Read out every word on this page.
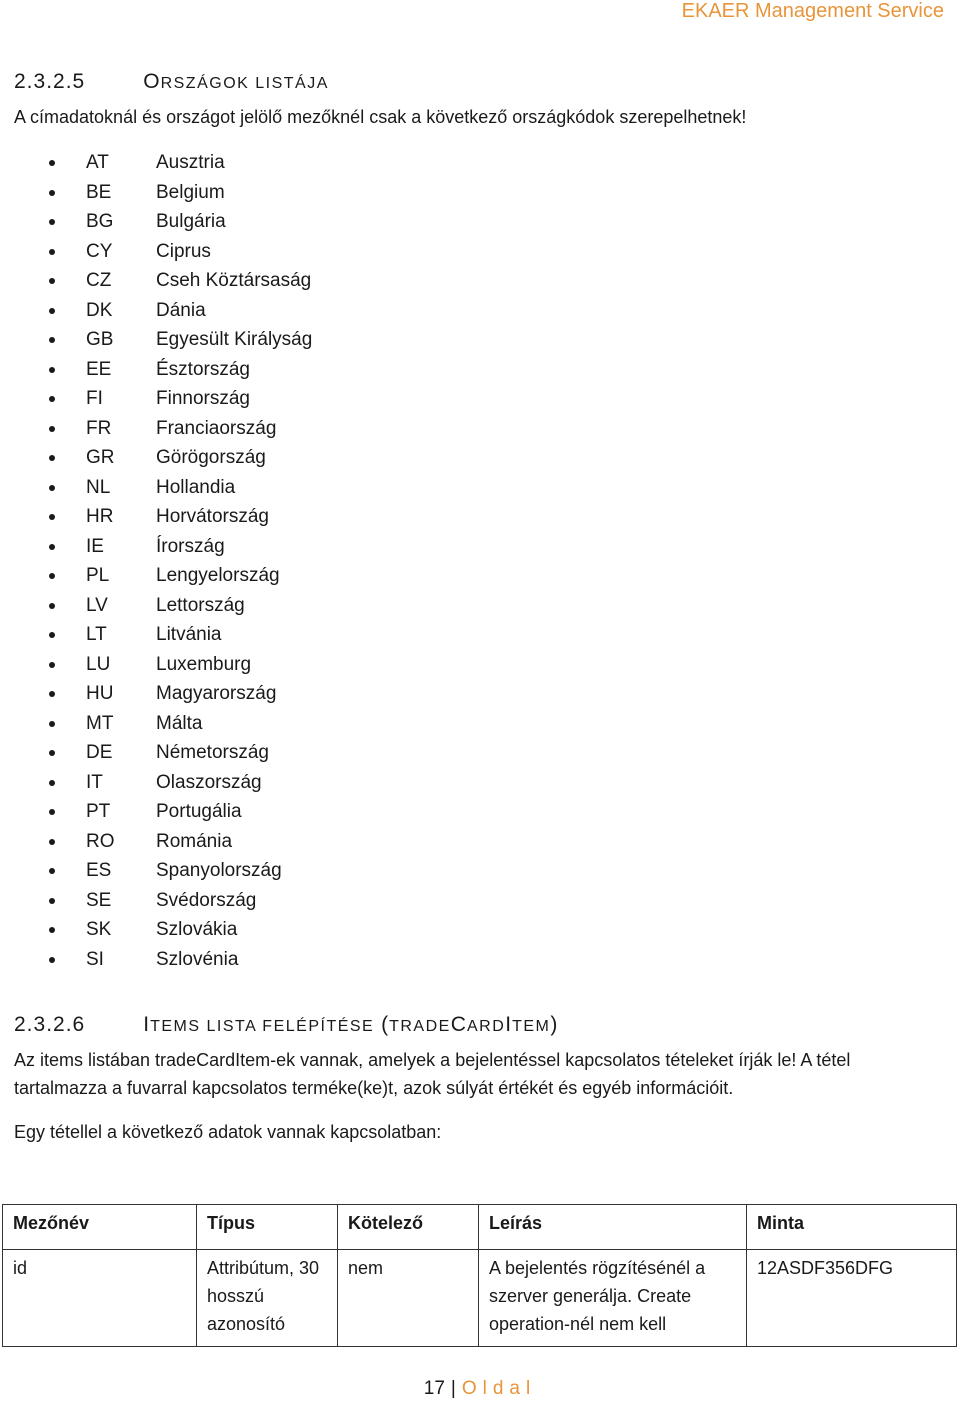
EKAER Management Service
2.3.2.5	ORSZÁGOK LISTÁJA
A címadatoknál és országot jelölő mezőknél csak a következő országkódok szerepelhetnek!
AT Ausztria
BE Belgium
BG Bulgária
CY Ciprus
CZ Cseh Köztársaság
DK Dánia
GB Egyesült Királyság
EE Észtország
FI	Finnország
FR Franciaország
GR Görögország
NL Hollandia
HR Horvátország
IE	Írország
PL Lengyelország
LV	Lettország
LT	Litvánia
LU Luxemburg
HU Magyarország
MT Málta
DE Németország
IT	Olaszország
PT Portugália
RO Románia
ES Spanyolország
SE Svédország
SK Szlovákia
SI	Szlovénia
2.3.2.6	ITEMS LISTA FELÉPÍTÉSE (TRADECARDITEM)
Az items listában tradeCardItem-ek vannak, amelyek a bejelentéssel kapcsolatos tételeket írják le! A tétel tartalmazza a fuvarral kapcsolatos terméke(ke)t, azok súlyát értékét és egyéb információit.
Egy tétellel a következő adatok vannak kapcsolatban:
Mezőnév	Típus	Kötelező	Leírás	Minta
id	Attribútum, 30 hosszú azonosító	nem	A bejelentés rögzítésénél a szerver generálja. Create operation-nél nem kell	12ASDF356DFG
17 | Oldal
